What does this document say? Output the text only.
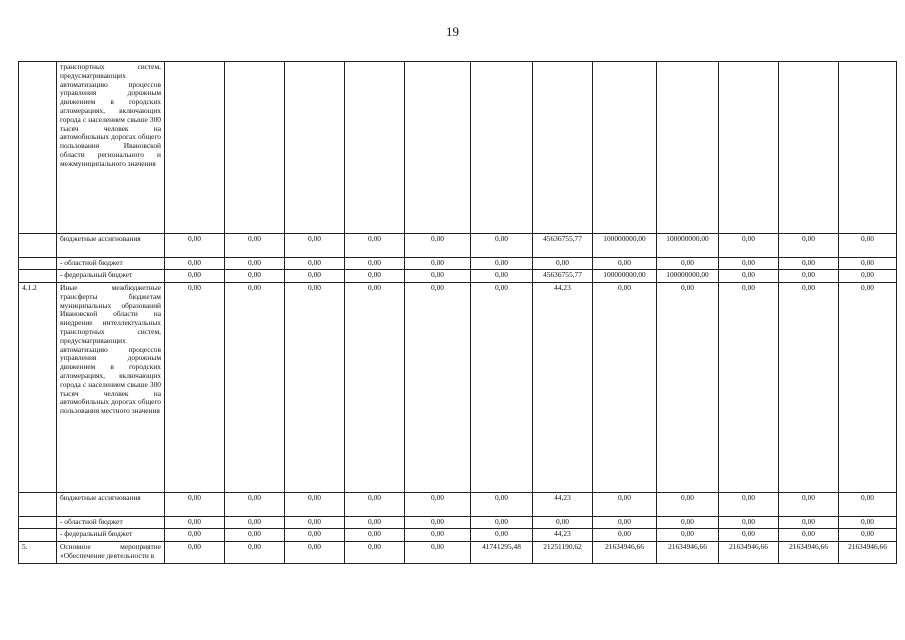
19
	транспортных систем, предусматривающих автоматизацию процессов управления дорожным движением в городских агломерациях, включающих города с населением свыше 300 тысяч человек на автомобильных дорогах общего пользования Ивановской области регионального и межмуниципального значения												
	бюджетные ассигнования	0,00	0,00	0,00	0,00	0,00	0,00	45636755,77	100000000,00	100000000,00	0,00	0,00	0,00
	- областной бюджет	0,00	0,00	0,00	0,00	0,00	0,00	0,00	0,00	0,00	0,00	0,00	0,00
	- федеральный бюджет	0,00	0,00	0,00	0,00	0,00	0,00	45636755,77	100000000,00	100000000,00	0,00	0,00	0,00
4.1.2	Иные межбюджетные трансферты бюджетам муниципальных образований Ивановской области на внедрение интеллектуальных транспортных систем, предусматривающих автоматизацию процессов управления дорожным движением в городских агломерациях, включающих города с населением свыше 300 тысяч человек на автомобильных дорогах общего пользования местного значения	0,00	0,00	0,00	0,00	0,00	0,00	44,23	0,00	0,00	0,00	0,00	0,00
	бюджетные ассигнования	0,00	0,00	0,00	0,00	0,00	0,00	44,23	0,00	0,00	0,00	0,00	0,00
	- областной бюджет	0,00	0,00	0,00	0,00	0,00	0,00	0,00	0,00	0,00	0,00	0,00	0,00
	- федеральный бюджет	0,00	0,00	0,00	0,00	0,00	0,00	44,23	0,00	0,00	0,00	0,00	0,00
5.	Основное мероприятие «Обеспечение деятельности в	0,00	0,00	0,00	0,00	0,00	41741295,48	21251190,62	21634946,66	21634946,66	21634946,66	21634946,66	21634946,66
